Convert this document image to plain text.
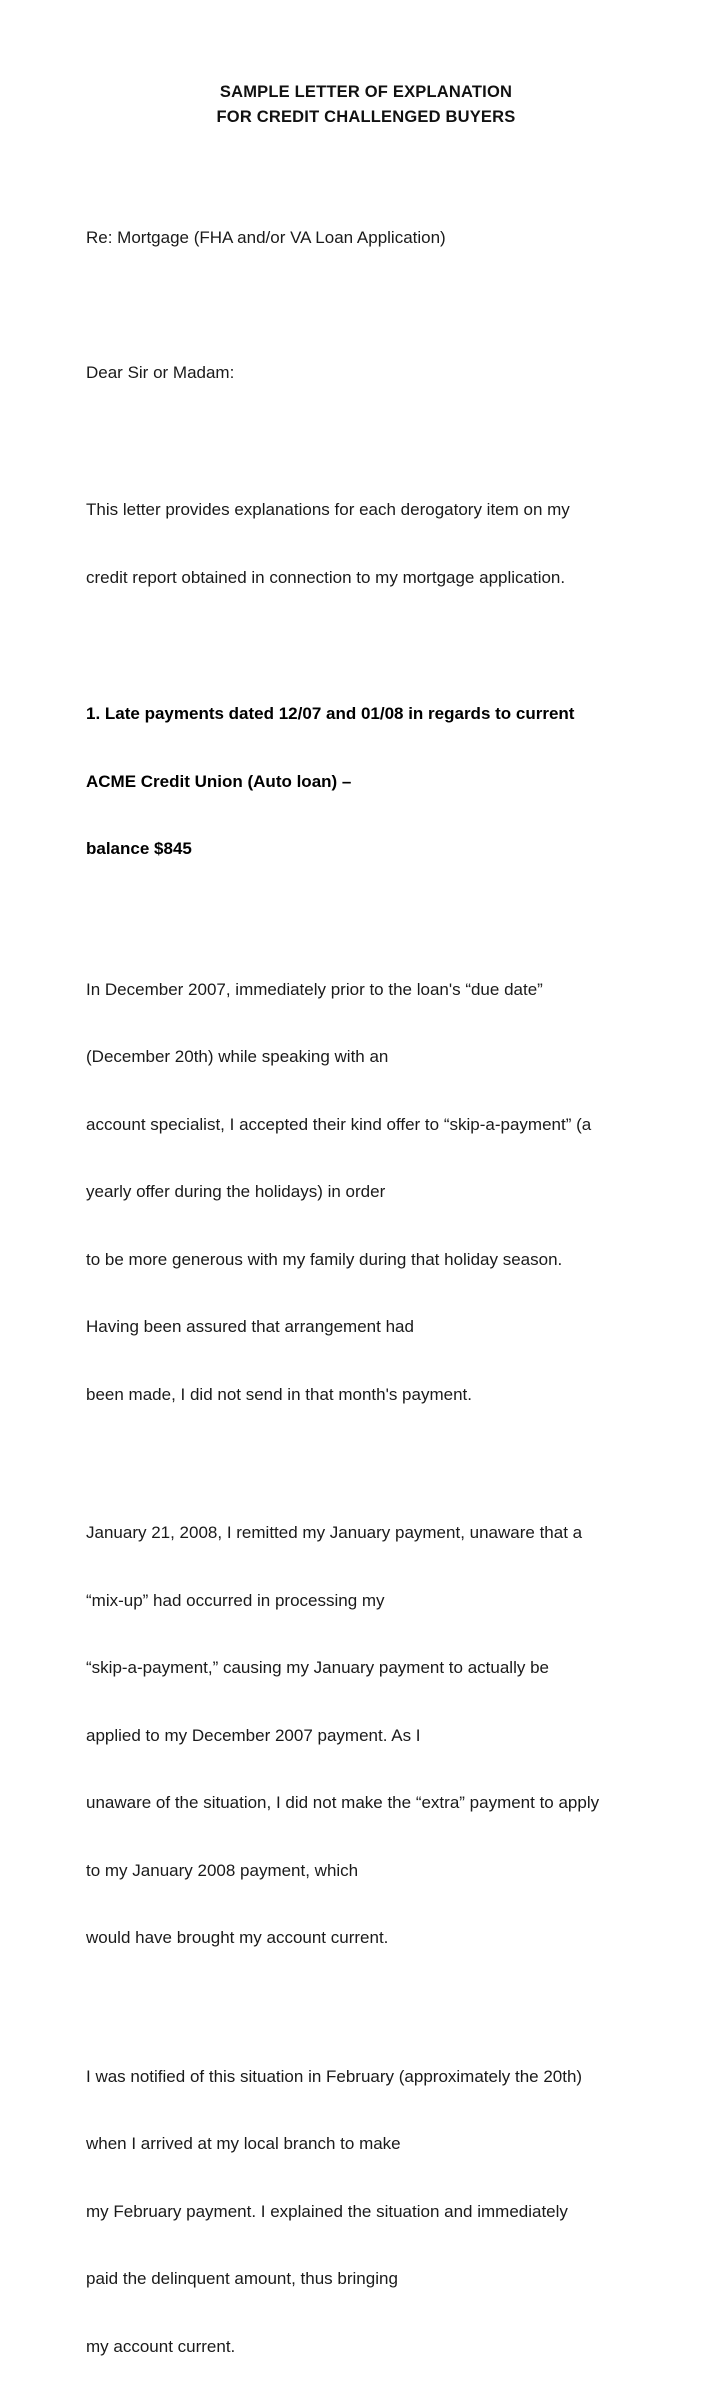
SAMPLE LETTER OF EXPLANATION
FOR CREDIT CHALLENGED BUYERS

Re: Mortgage (FHA and/or VA Loan Application)

Dear Sir or Madam:

This letter provides explanations for each derogatory item on my

credit report obtained in connection to my mortgage application.

1. Late payments dated 12/07 and 01/08 in regards to current

ACME Credit Union (Auto loan) –

balance $845

In December 2007, immediately prior to the loan's “due date”

(December 20th) while speaking with an

account specialist, I accepted their kind offer to “skip-a-payment” (a

yearly offer during the holidays) in order

to be more generous with my family during that holiday season.

Having been assured that arrangement had

been made, I did not send in that month's payment.

January 21, 2008, I remitted my January payment, unaware that a

“mix-up” had occurred in processing my

“skip-a-payment,” causing my January payment to actually be

applied to my December 2007 payment. As I

unaware of the situation, I did not make the “extra” payment to apply

to my January 2008 payment, which

would have brought my account current.

I was notified of this situation in February (approximately the 20th)

when I arrived at my local branch to make

my February payment. I explained the situation and immediately

paid the delinquent amount, thus bringing

my account current.
